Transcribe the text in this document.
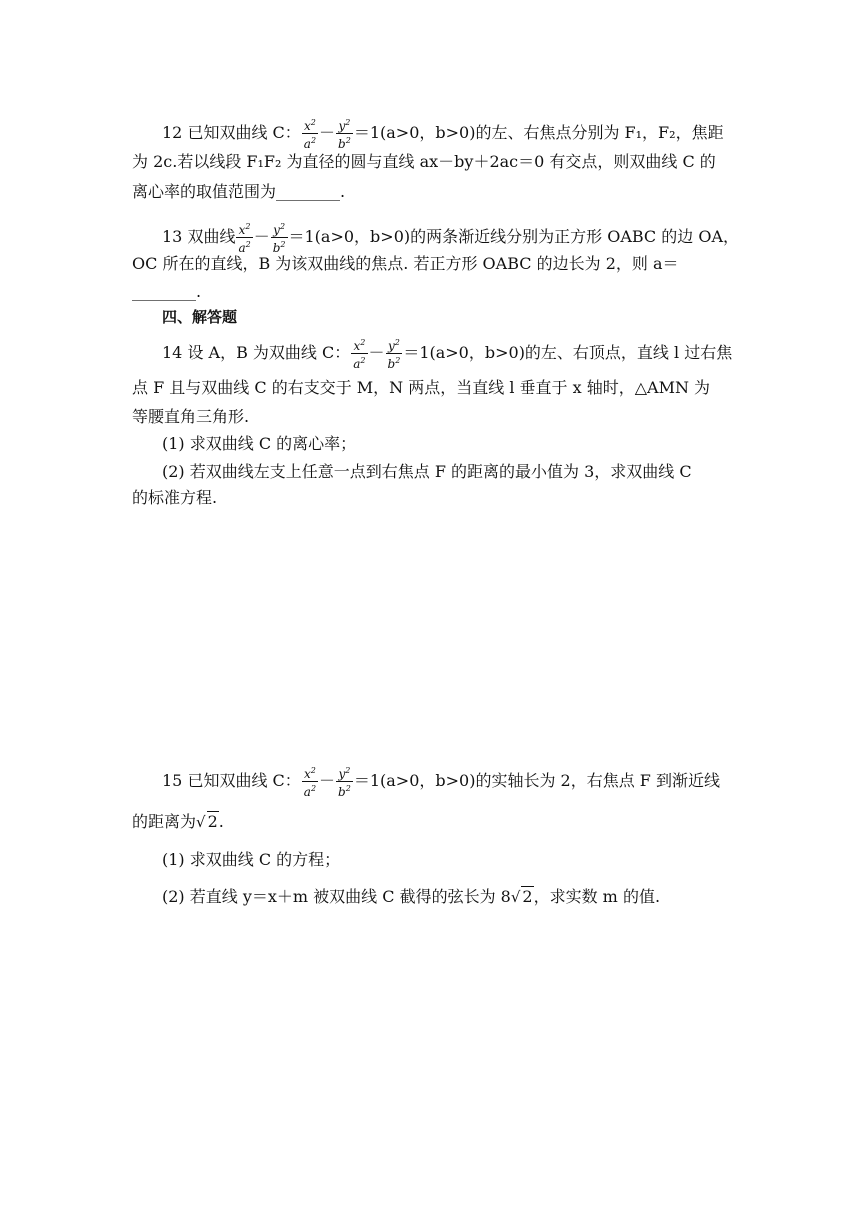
12 已知双曲线 C： $\frac{x^2}{a^2} - \frac{y^2}{b^2} =1(a>0$，b>0)的左、右焦点分别为 F₁，F₂，焦距
为 2c.若以线段 F₁F₂ 为直径的圆与直线 ax－by＋2ac＝0 有交点，则双曲线 C 的
离心率的取值范围为________.
13 双曲线 $\frac{x^2}{a^2} - \frac{y^2}{b^2} =1(a>0$，b>0)的两条渐近线分别为正方形 OABC 的边 OA，
OC 所在的直线，B 为该双曲线的焦点. 若正方形 OABC 的边长为 2，则 a＝
________.
四、解答题
14 设 A，B 为双曲线 C： $\frac{x^2}{a^2} - \frac{y^2}{b^2} =1(a>0$，b>0)的左、右顶点，直线 l 过右焦
点 F 且与双曲线 C 的右支交于 M，N 两点，当直线 l 垂直于 x 轴时，△AMN 为
等腰直角三角形.
(1) 求双曲线 C 的离心率；
(2) 若双曲线左支上任意一点到右焦点 F 的距离的最小值为 3，求双曲线 C
的标准方程.
15 已知双曲线 C： $\frac{x^2}{a^2} - \frac{y^2}{b^2} =1(a>0$，b>0)的实轴长为 2，右焦点 F 到渐近线
的距离为√ 2.
(1) 求双曲线 C 的方程；
(2) 若直线 y＝x＋m 被双曲线 C 截得的弦长为 8√ 2，求实数 m 的值.
